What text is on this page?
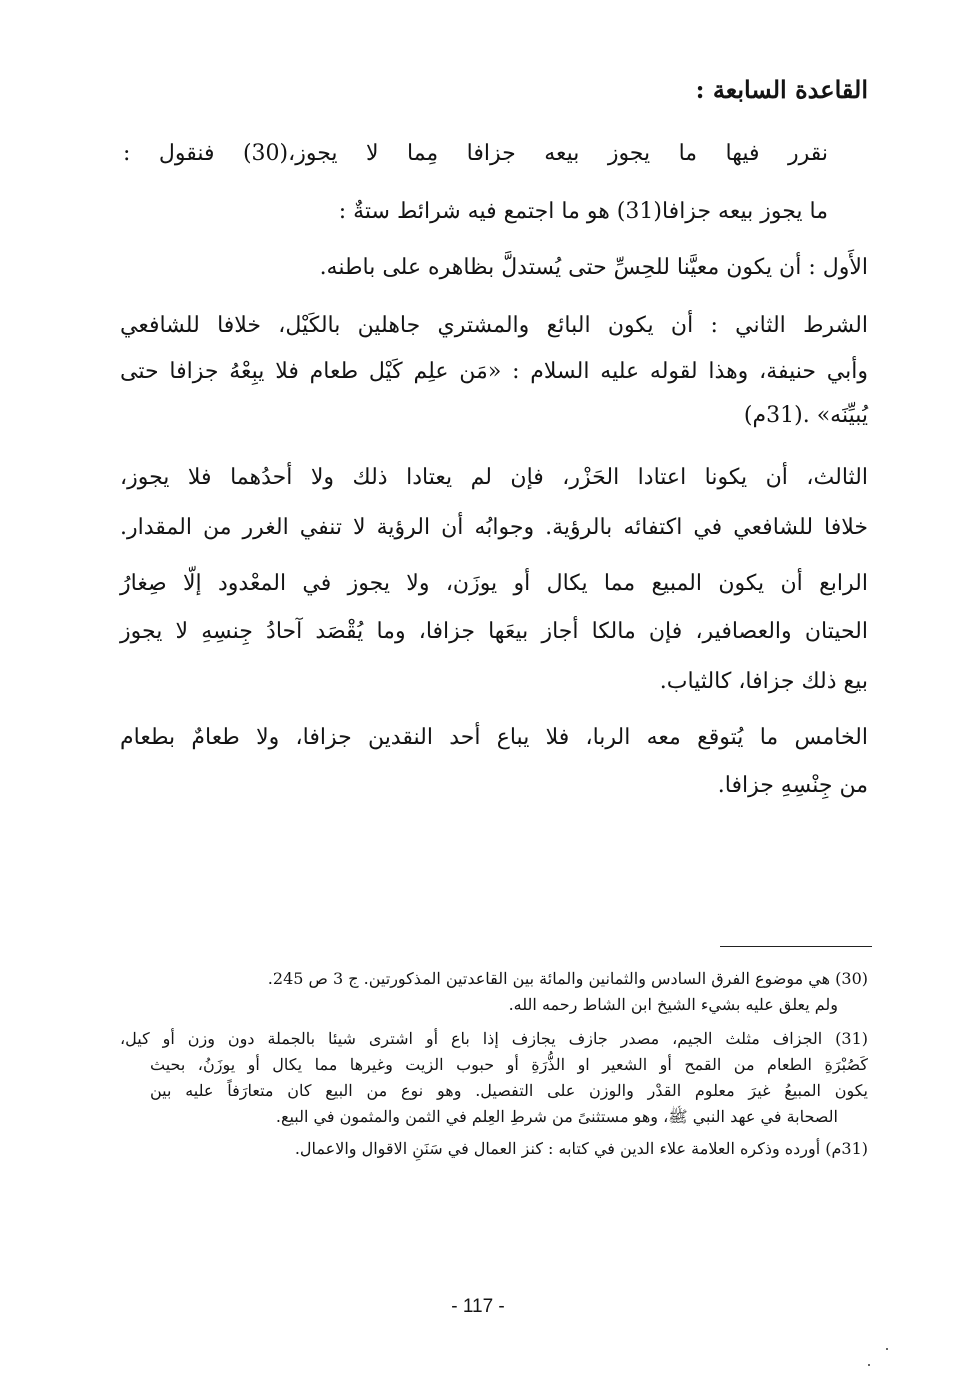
القاعدة السابعة :
نقرر فيها ما يجوز بيعه جزافا مِما لا يجوز،(30) فنقول :
ما يجوز بيعه جزافا(31) هو ما اجتمع فيه شرائط ستةٌ :
الأَول : أن يكون معيَّنا للحِسِّ حتى يُستدلَّ بظاهره على باطنه.
الشرط الثاني : أن يكون البائع والمشتري جاهلين بالكَيْل، خلافا للشافعي
وأبي حنيفة، وهذا لقوله عليه السلام : «مَن علِم كَيْل طعام فلا يبِعْهُ جزافا حتى
يُبيِّنَه» .(31م)
الثالث، أن يكونا اعتادا الحَزْر، فإن لم يعتادا ذلك ولا أحدُهما فلا يجوز،
خلافا للشافعي في اكتفائه بالرؤية. وجوابُه أن الرؤية لا تنفي الغرر من المقدار.
الرابع أن يكون المبيع مما يكال أو يوزَن، ولا يجوز في المعْدود إلّا صِغارُ
الحيتان والعصافير، فإن مالكا أجاز بيعَها جزافا، وما يُقْصَد آحادُ جِنسِهِ لا يجوز
بيع ذلك جزافا، كالثياب.
الخامس ما يُتوقع معه الربا، فلا يباع أحد النقدين جزافا، ولا طعامٌ بطعام
من جِنْسِهِ جزافا.
(30) هي موضوع الفرق السادس والثمانين والمائة بين القاعدتين المذكورتين. ج 3 ص 245.
ولم يعلق عليه بشيء الشيخ ابن الشاط رحمه الله.
(31) الجزاف مثلث الجيم، مصدر جازف يجازف إذا باع أو اشترى شيئا بالجملة دون وزن أو كيل،
كَصُبْرَةِ الطعام من القمح أو الشعير او الذُّرَةِ أو حبوب الزيت وغيرها مما يكال أو يوزَنُ، بحيث
يكون المبيعُ غيرَ معلوم القدْر والوزن على التفصيل. وهو نوع من البيع كان متعارَفاً عليه بين
الصحابة في عهد النبي ﷺ، وهو مستثنىً من شرطِ العِلم في الثمن والمثمون في البيع.
(31م) أورده وذكره العلامة علاء الدين في كتابه : كنز العمال في سَنَنِ الاقوال والاعمال.
- 117 -
